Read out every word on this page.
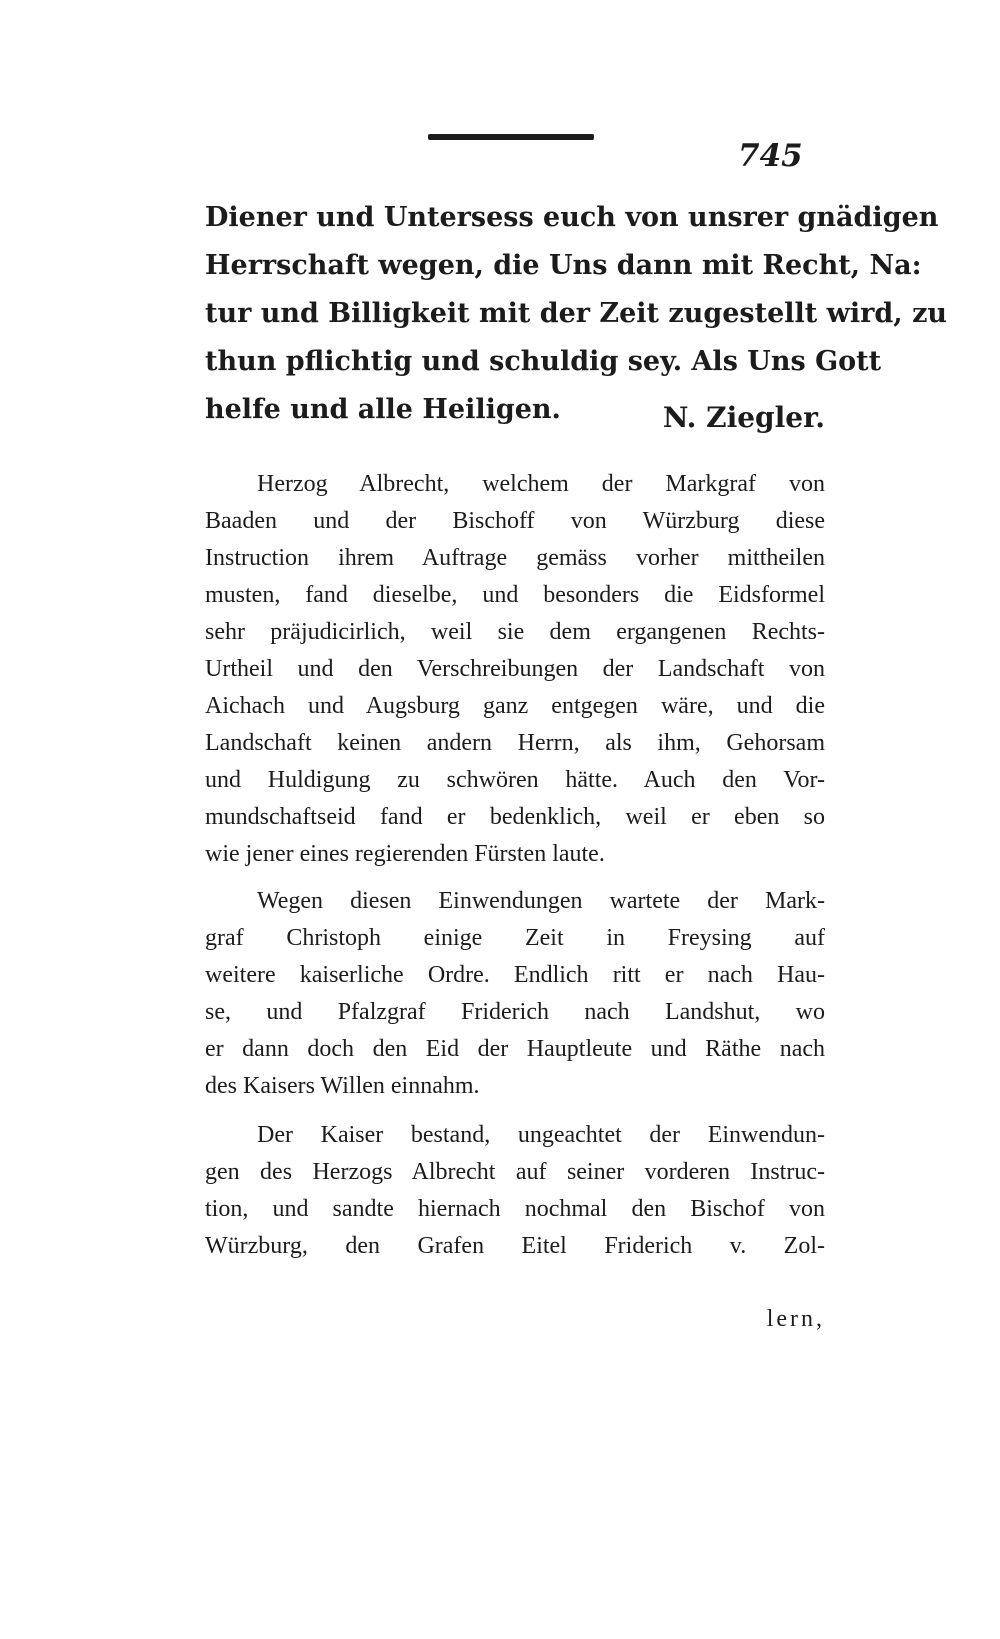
745
Diener und Untersess euch von unsrer gnädigen
Herrschaft wegen, die Uns dann mit Recht, Na:
tur und Billigkeit mit der Zeit zugestellt wird, zu
thun pflichtig und schuldig sey. Als Uns Gott
helfe und alle Heiligen.	N. Ziegler.
Herzog Albrecht, welchem der Markgraf von
Baaden und der Bischoff von Würzburg diese
Instruction ihrem Auftrage gemäss vorher mittheilen
musten, fand dieselbe, und besonders die Eidsformel
sehr präjudicirlich, weil sie dem ergangenen Rechts-
Urtheil und den Verschreibungen der Landschaft von
Aichach und Augsburg ganz entgegen wäre, und die
Landschaft keinen andern Herrn, als ihm, Gehorsam
und Huldigung zu schwören hätte. Auch den Vor-
mundschaftseid fand er bedenklich, weil er eben so
wie jener eines regierenden Fürsten laute.
Wegen diesen Einwendungen wartete der Mark-
graf Christoph einige Zeit in Freysing auf
weitere kaiserliche Ordre. Endlich ritt er nach Hau-
se, und Pfalzgraf Friderich nach Landshut, wo
er dann doch den Eid der Hauptleute und Räthe nach
des Kaisers Willen einnahm.
Der Kaiser bestand, ungeachtet der Einwendun-
gen des Herzogs Albrecht auf seiner vorderen Instruc-
tion, und sandte hiernach nochmal den Bischof von
Würzburg, den Grafen Eitel Friderich v. Zol-
lern,
